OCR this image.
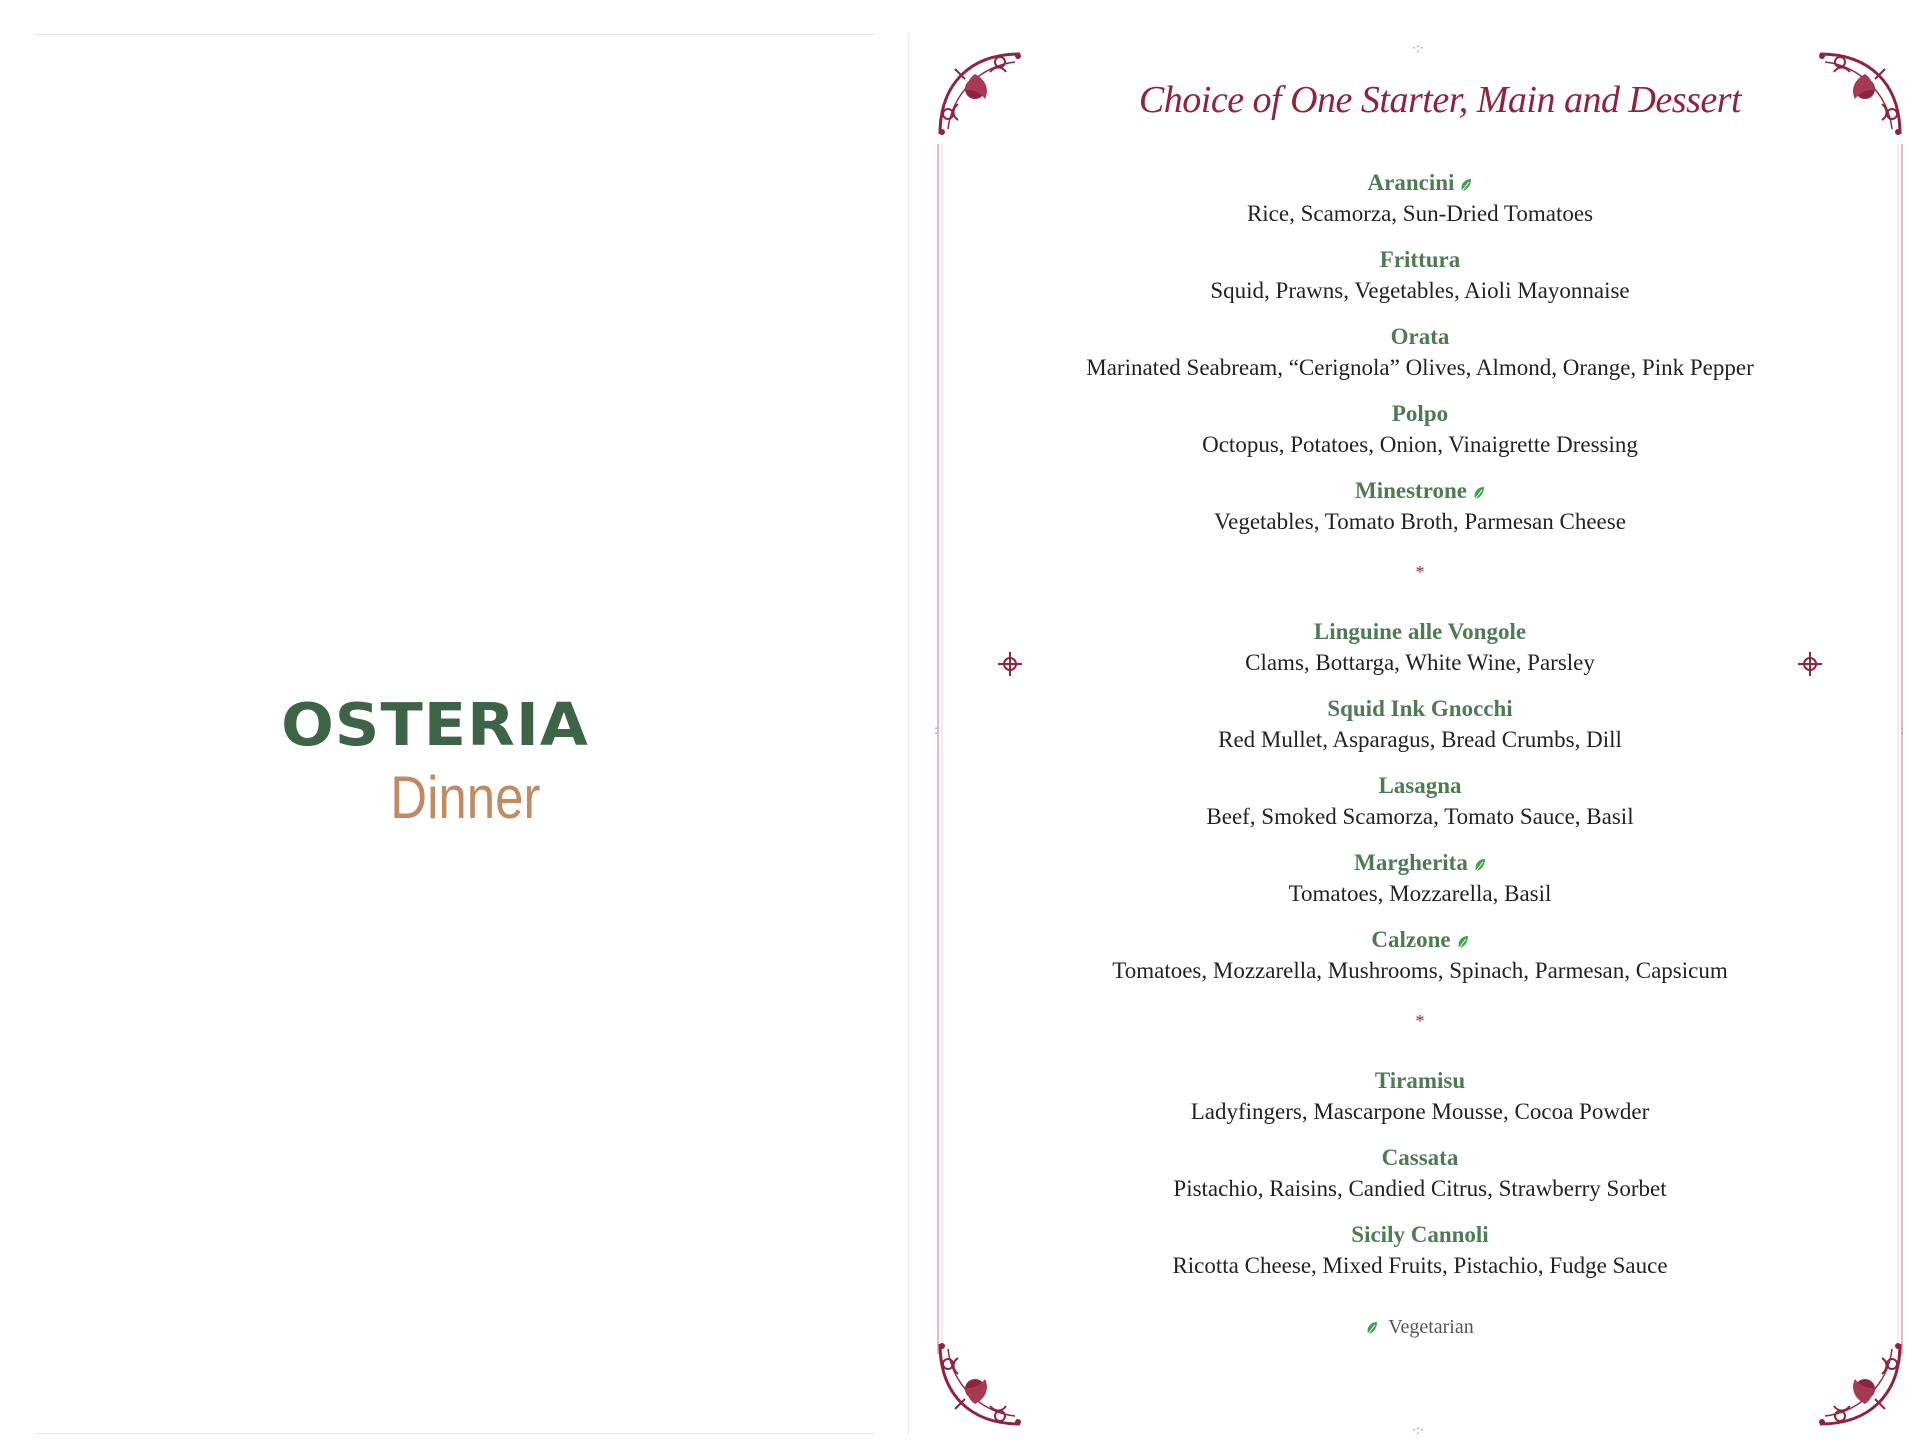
OSTERIA
Dinner
·:·
·:·
:	:
Choice of One Starter, Main and Dessert
Arancini
Rice, Scamorza, Sun-Dried Tomatoes
Frittura
Squid, Prawns, Vegetables, Aioli Mayonnaise
Orata
Marinated Seabream, “Cerignola” Olives, Almond, Orange, Pink Pepper
Polpo
Octopus, Potatoes, Onion, Vinaigrette Dressing
Minestrone
Vegetables, Tomato Broth, Parmesan Cheese
*
Linguine alle Vongole
Clams, Bottarga, White Wine, Parsley
Squid Ink Gnocchi
Red Mullet, Asparagus, Bread Crumbs, Dill
Lasagna
Beef, Smoked Scamorza, Tomato Sauce, Basil
Margherita
Tomatoes, Mozzarella, Basil
Calzone
Tomatoes, Mozzarella, Mushrooms, Spinach, Parmesan, Capsicum
*
Tiramisu
Ladyfingers, Mascarpone Mousse, Cocoa Powder
Cassata
Pistachio, Raisins, Candied Citrus, Strawberry Sorbet
Sicily Cannoli
Ricotta Cheese, Mixed Fruits, Pistachio, Fudge Sauce
Vegetarian
